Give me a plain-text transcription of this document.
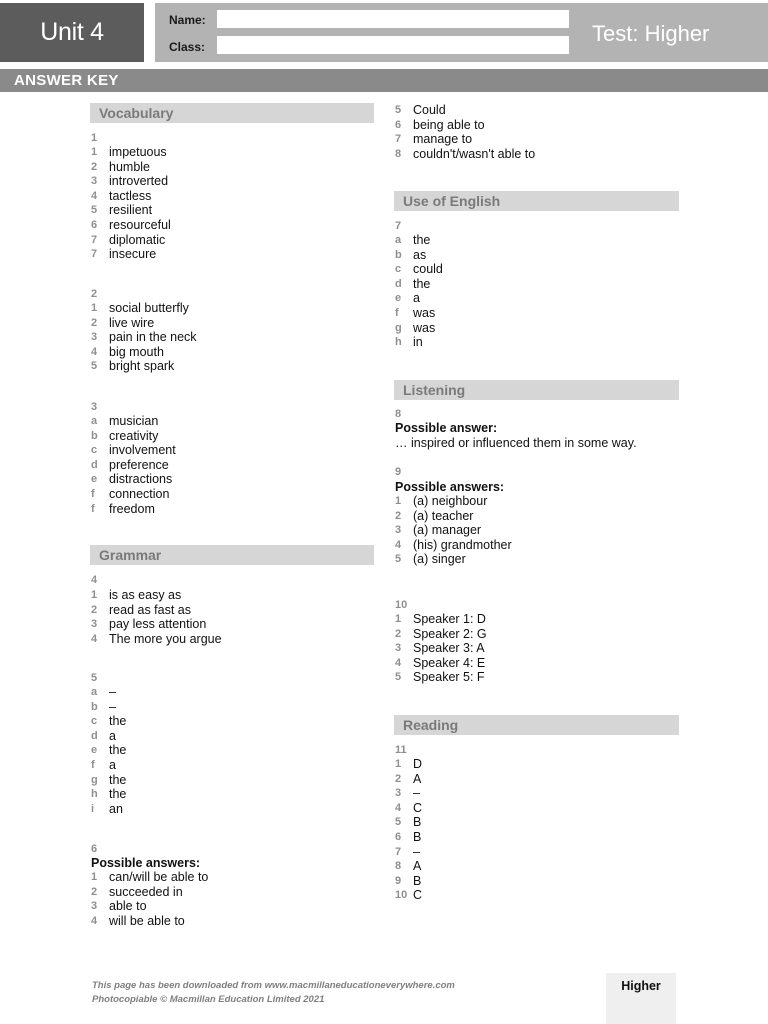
Unit 4	Name:
Class:
Test: Higher
ANSWER KEY
Vocabulary
1
1 impetuous
2 humble
3 introverted
4 tactless
5 resilient
6 resourceful
7 diplomatic
7 insecure
2
1 social butterfly
2 live wire
3 pain in the neck
4 big mouth
5 bright spark
3
a musician
b creativity
c involvement
d preference
e distractions
f connection
f freedom
Grammar
4
1 is as easy as
2 read as fast as
3 pay less attention
4 The more you argue
5
a –
b –
c the
d a
e the
f a
g the
h the
i an
6
Possible answers:
1 can/will be able to
2 succeeded in
3 able to
4 will be able to
5 Could
6 being able to
7 manage to
8 couldn't/wasn't able to
Use of English
7
a the
b as
c could
d the
e a
f was
g was
h in
Listening
8
Possible answer:
… inspired or influenced them in some way.
9
Possible answers:
1 (a) neighbour
2 (a) teacher
3 (a) manager
4 (his) grandmother
5 (a) singer
10
1 Speaker 1: D
2 Speaker 2: G
3 Speaker 3: A
4 Speaker 4: E
5 Speaker 5: F
Reading
11
1 D
2 A
3 –
4 C
5 B
6 B
7 –
8 A
9 B
10 C
This page has been downloaded from www.macmillaneducationeverywhere.com
Photocopiable © Macmillan Education Limited 2021
Higher
